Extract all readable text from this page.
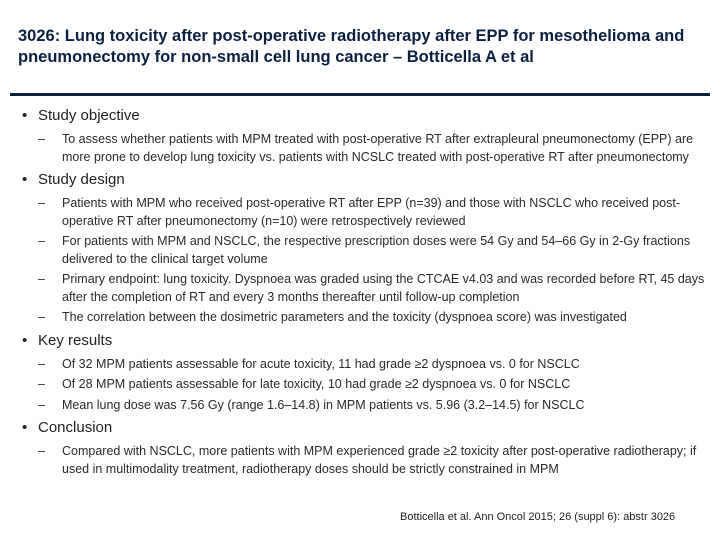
3026: Lung toxicity after post-operative radiotherapy after EPP for mesothelioma and pneumonectomy for non-small cell lung cancer – Botticella A et al
• Study objective
– To assess whether patients with MPM treated with post-operative RT after extrapleural pneumonectomy (EPP) are more prone to develop lung toxicity vs. patients with NCSLC treated with post-operative RT after pneumonectomy
• Study design
– Patients with MPM who received post-operative RT after EPP (n=39) and those with NSCLC who received post-operative RT after pneumonectomy (n=10) were retrospectively reviewed
– For patients with MPM and NSCLC, the respective prescription doses were 54 Gy and 54–66 Gy in 2-Gy fractions delivered to the clinical target volume
– Primary endpoint: lung toxicity. Dyspnoea was graded using the CTCAE v4.03 and was recorded before RT, 45 days after the completion of RT and every 3 months thereafter until follow-up completion
– The correlation between the dosimetric parameters and the toxicity (dyspnoea score) was investigated
• Key results
– Of 32 MPM patients assessable for acute toxicity, 11 had grade ≥2 dyspnoea vs. 0 for NSCLC
– Of 28 MPM patients assessable for late toxicity, 10 had grade ≥2 dyspnoea vs. 0 for NSCLC
– Mean lung dose was 7.56 Gy (range 1.6–14.8) in MPM patients vs. 5.96 (3.2–14.5) for NSCLC
• Conclusion
– Compared with NSCLC, more patients with MPM experienced grade ≥2 toxicity after post-operative radiotherapy; if used in multimodality treatment, radiotherapy doses should be strictly constrained in MPM
Botticella et al. Ann Oncol 2015; 26 (suppl 6): abstr 3026
